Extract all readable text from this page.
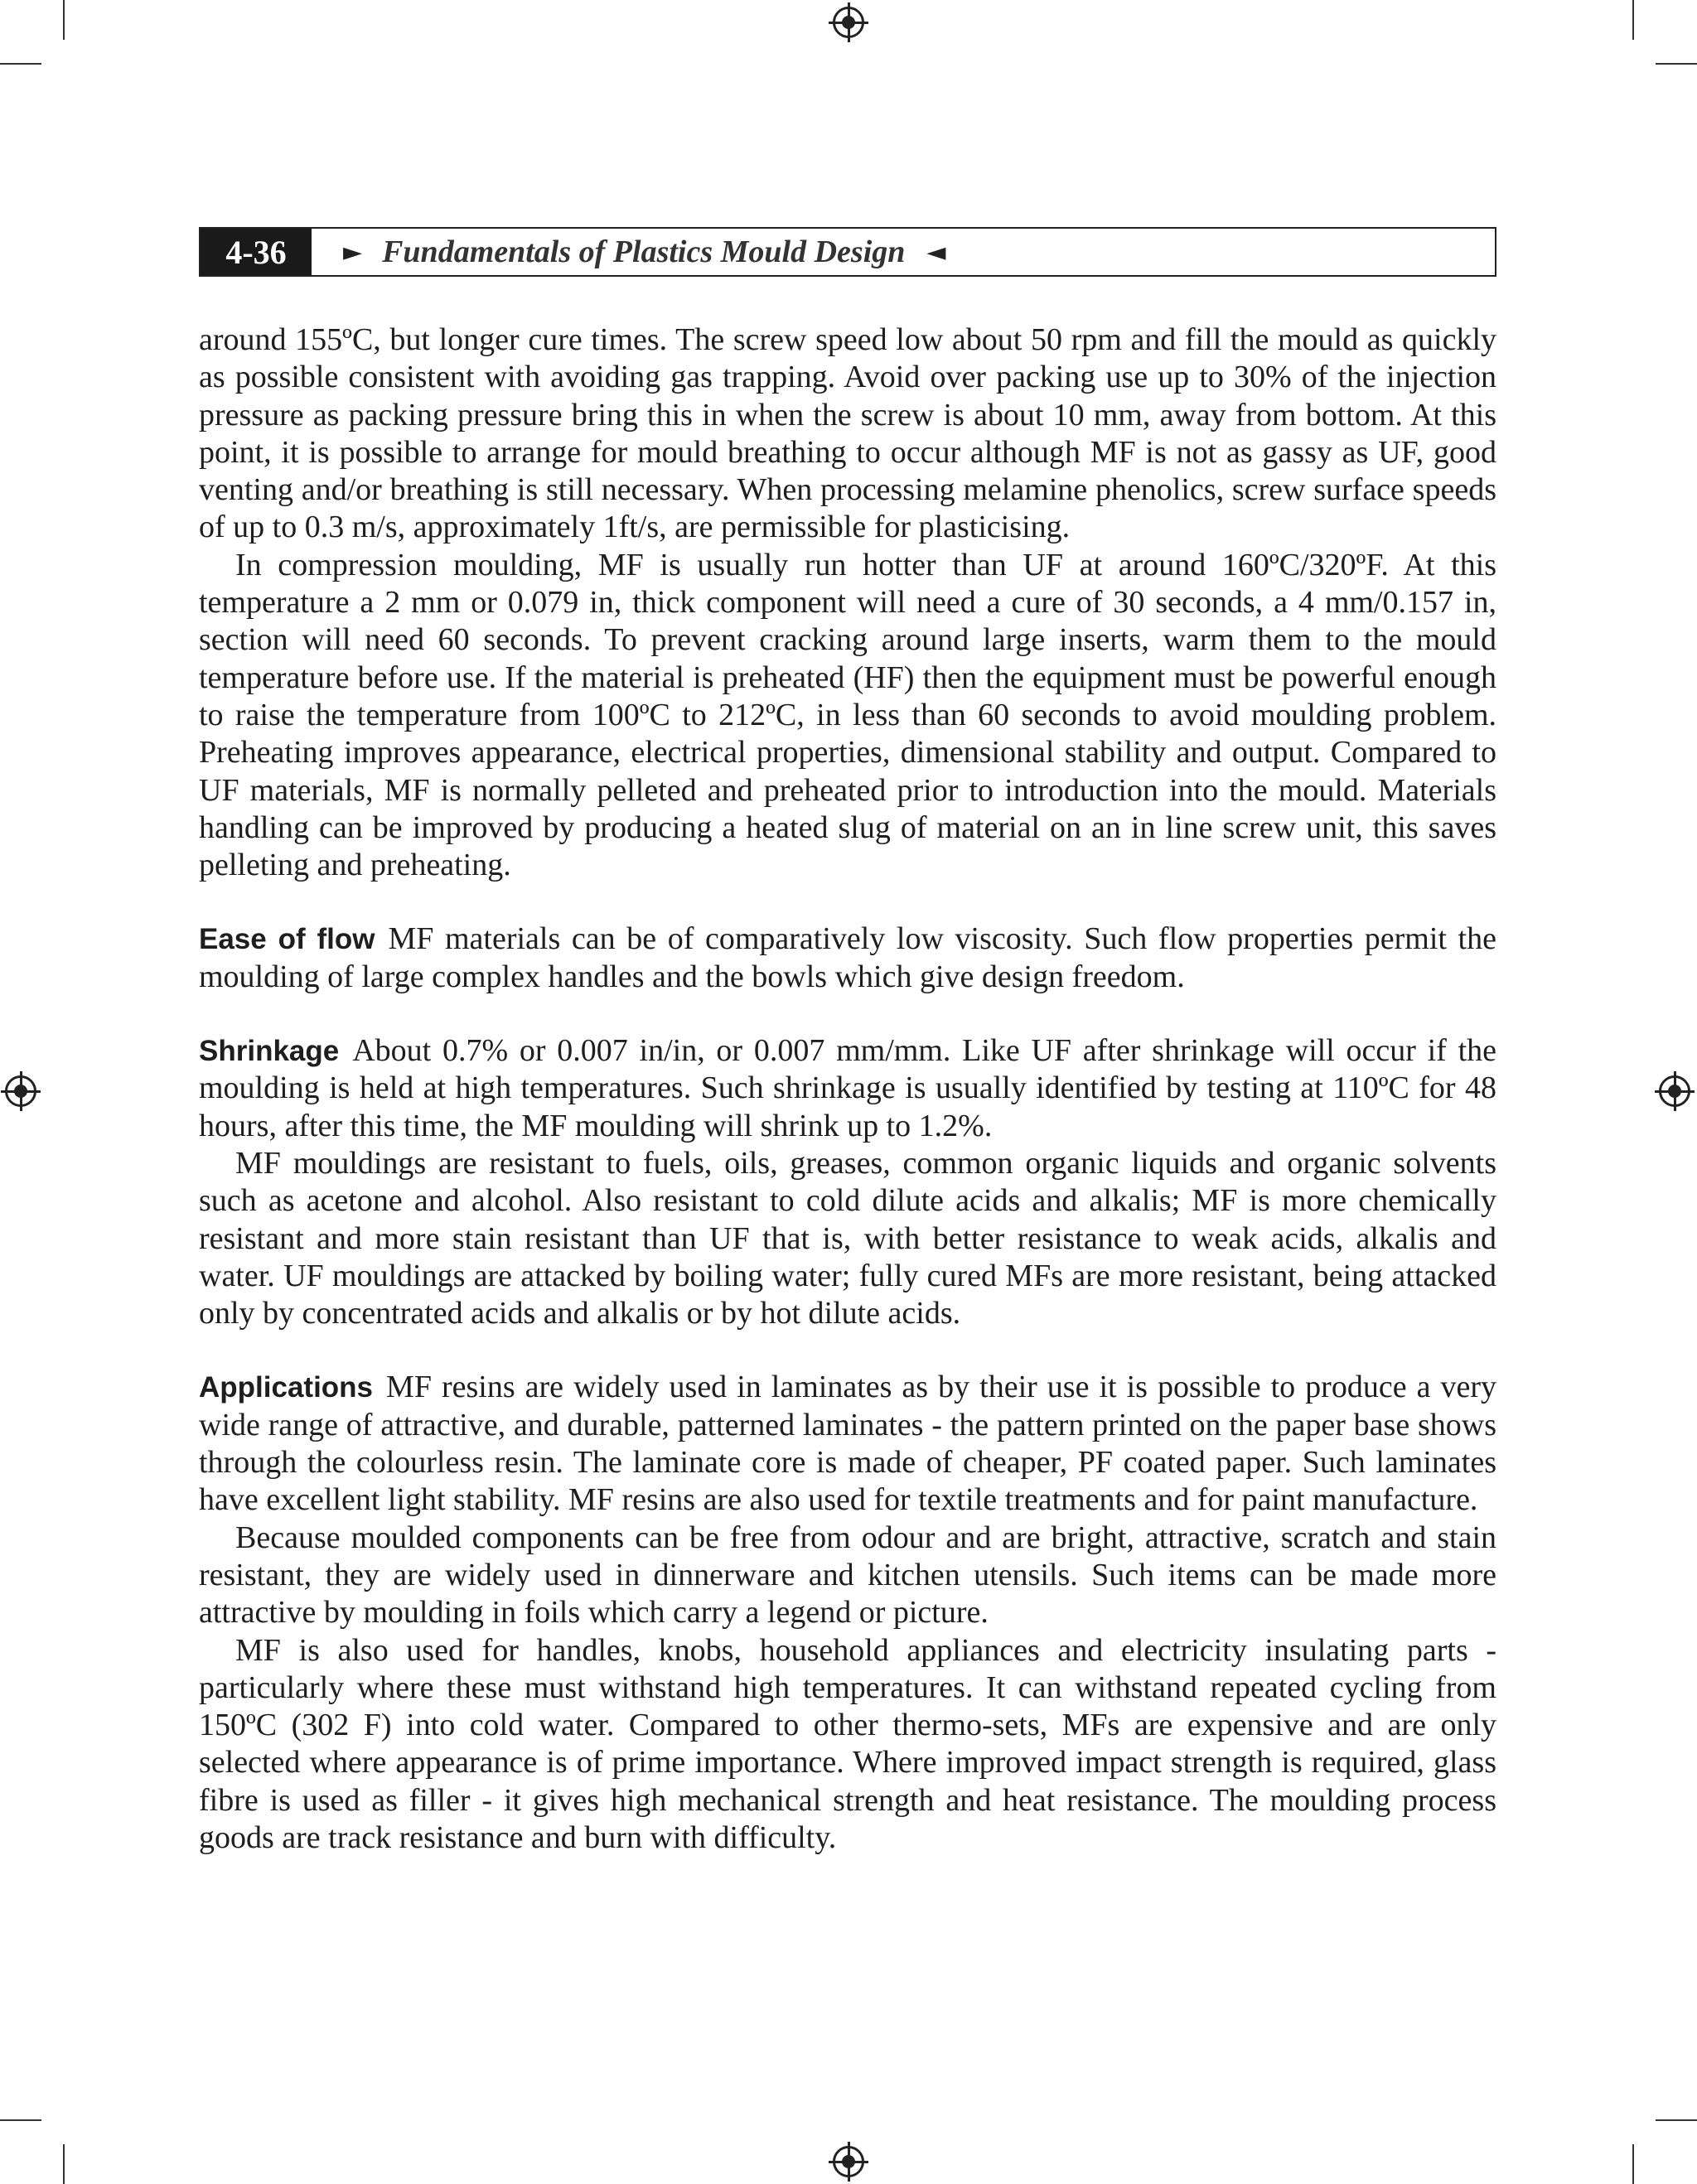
4-36	► Fundamentals of Plastics Mould Design ◄

around 155ºC, but longer cure times. The screw speed low about 50 rpm and fill the mould as quickly as possible consistent with avoiding gas trapping. Avoid over packing use up to 30% of the injection pressure as packing pressure bring this in when the screw is about 10 mm, away from bottom. At this point, it is possible to arrange for mould breathing to occur although MF is not as gassy as UF, good venting and/or breathing is still necessary. When processing melamine phenolics, screw surface speeds of up to 0.3 m/s, approximately 1ft/s, are permissible for plasticising.

In compression moulding, MF is usually run hotter than UF at around 160ºC/320ºF. At this temperature a 2 mm or 0.079 in, thick component will need a cure of 30 seconds, a 4 mm/0.157 in, section will need 60 seconds. To prevent cracking around large inserts, warm them to the mould temperature before use. If the material is preheated (HF) then the equipment must be powerful enough to raise the temperature from 100ºC to 212ºC, in less than 60 seconds to avoid moulding problem. Preheating improves appearance, electrical properties, dimensional stability and output. Compared to UF materials, MF is normally pelleted and preheated prior to introduction into the mould. Materials handling can be improved by producing a heated slug of material on an in line screw unit, this saves pelleting and preheating.

Ease of flow MF materials can be of comparatively low viscosity. Such flow properties permit the moulding of large complex handles and the bowls which give design freedom.

Shrinkage About 0.7% or 0.007 in/in, or 0.007 mm/mm. Like UF after shrinkage will occur if the moulding is held at high temperatures. Such shrinkage is usually identified by testing at 110ºC for 48 hours, after this time, the MF moulding will shrink up to 1.2%.

MF mouldings are resistant to fuels, oils, greases, common organic liquids and organic solvents such as acetone and alcohol. Also resistant to cold dilute acids and alkalis; MF is more chemically resistant and more stain resistant than UF that is, with better resistance to weak acids, alkalis and water. UF mouldings are attacked by boiling water; fully cured MFs are more resistant, being attacked only by concentrated acids and alkalis or by hot dilute acids.

Applications MF resins are widely used in laminates as by their use it is possible to produce a very wide range of attractive, and durable, patterned laminates - the pattern printed on the paper base shows through the colourless resin. The laminate core is made of cheaper, PF coated paper. Such laminates have excellent light stability. MF resins are also used for textile treatments and for paint manufacture.

Because moulded components can be free from odour and are bright, attractive, scratch and stain resistant, they are widely used in dinnerware and kitchen utensils. Such items can be made more attractive by moulding in foils which carry a legend or picture.

MF is also used for handles, knobs, household appliances and electricity insulating parts - particularly where these must withstand high temperatures. It can withstand repeated cycling from 150ºC (302 F) into cold water. Compared to other thermo-sets, MFs are expensive and are only selected where appearance is of prime importance. Where improved impact strength is required, glass fibre is used as filler - it gives high mechanical strength and heat resistance. The moulding process goods are track resistance and burn with difficulty.
